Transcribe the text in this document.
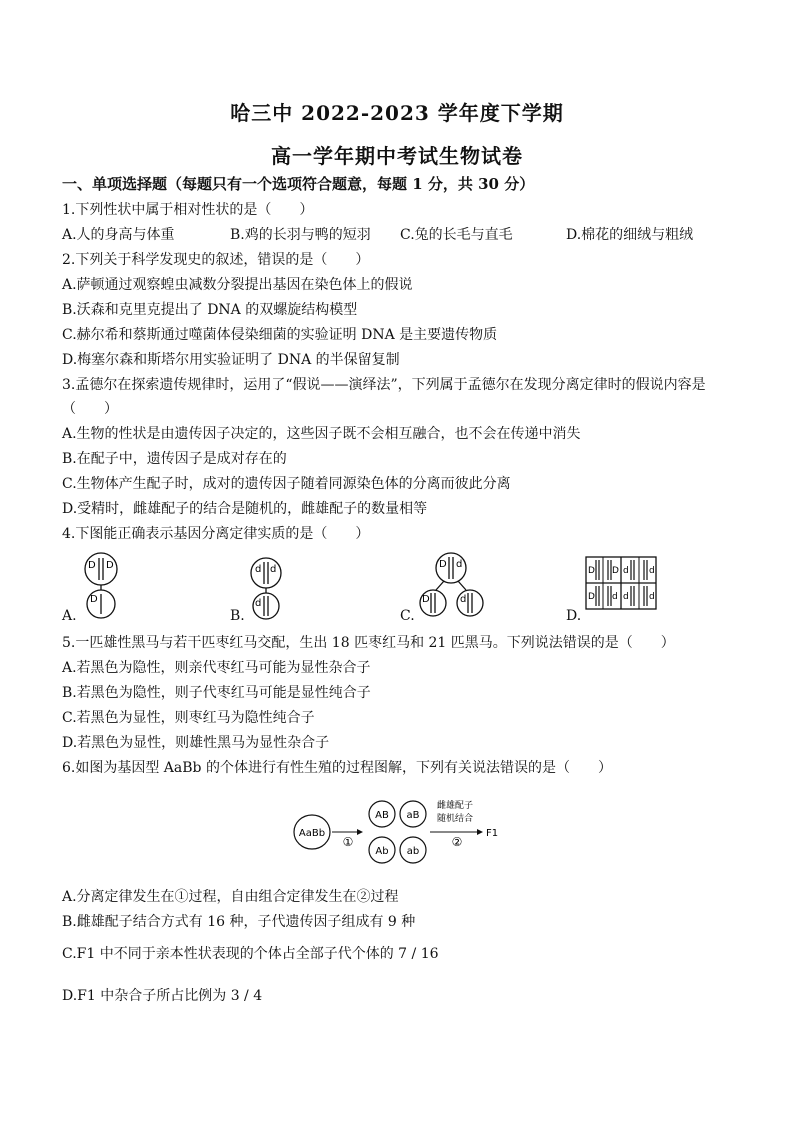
哈三中 2022-2023 学年度下学期
高一学年期中考试生物试卷
一、单项选择题（每题只有一个选项符合题意，每题 1 分，共 30 分）
1.下列性状中属于相对性状的是（　　）
A.人的身高与体重	B.鸡的长羽与鸭的短羽 C.兔的长毛与直毛	D.棉花的细绒与粗绒
2.下列关于科学发现史的叙述，错误的是（　　）
A.萨顿通过观察蝗虫减数分裂提出基因在染色体上的假说
B.沃森和克里克提出了 DNA 的双螺旋结构模型
C.赫尔希和蔡斯通过噬菌体侵染细菌的实验证明 DNA 是主要遗传物质
D.梅塞尔森和斯塔尔用实验证明了 DNA 的半保留复制
3.孟德尔在探索遗传规律时，运用了“假说——演绎法”，下列属于孟德尔在发现分离定律时的假说内容是
（　　）
A.生物的性状是由遗传因子决定的，这些因子既不会相互融合，也不会在传递中消失
B.在配子中，遗传因子是成对存在的
C.生物体产生配子时，成对的遗传因子随着同源染色体的分离而彼此分离
D.受精时，雌雄配子的结合是随机的，雌雄配子的数量相等
4.下图能正确表示基因分离定律实质的是（　　）
D D
D
A.
d d
d
B.
D d
D	d
C.
D D d d
D d d d
D.
5.一匹雄性黑马与若干匹枣红马交配，生出 18 匹枣红马和 21 匹黑马。下列说法错误的是（　　）
A.若黑色为隐性，则亲代枣红马可能为显性杂合子
B.若黑色为隐性，则子代枣红马可能是显性纯合子
C.若黑色为显性，则枣红马为隐性纯合子
D.若黑色为显性，则雄性黑马为显性杂合子
6.如图为基因型 AaBb 的个体进行有性生殖的过程图解，下列有关说法错误的是（　　）
AaBb
①
AB aB
Ab ab
雌雄配子
随机结合
②
F1
A.分离定律发生在①过程，自由组合定律发生在②过程
B.雌雄配子结合方式有 16 种，子代遗传因子组成有 9 种
C.F1 中不同于亲本性状表现的个体占全部子代个体的 7 / 16
D.F1 中杂合子所占比例为 3 / 4
